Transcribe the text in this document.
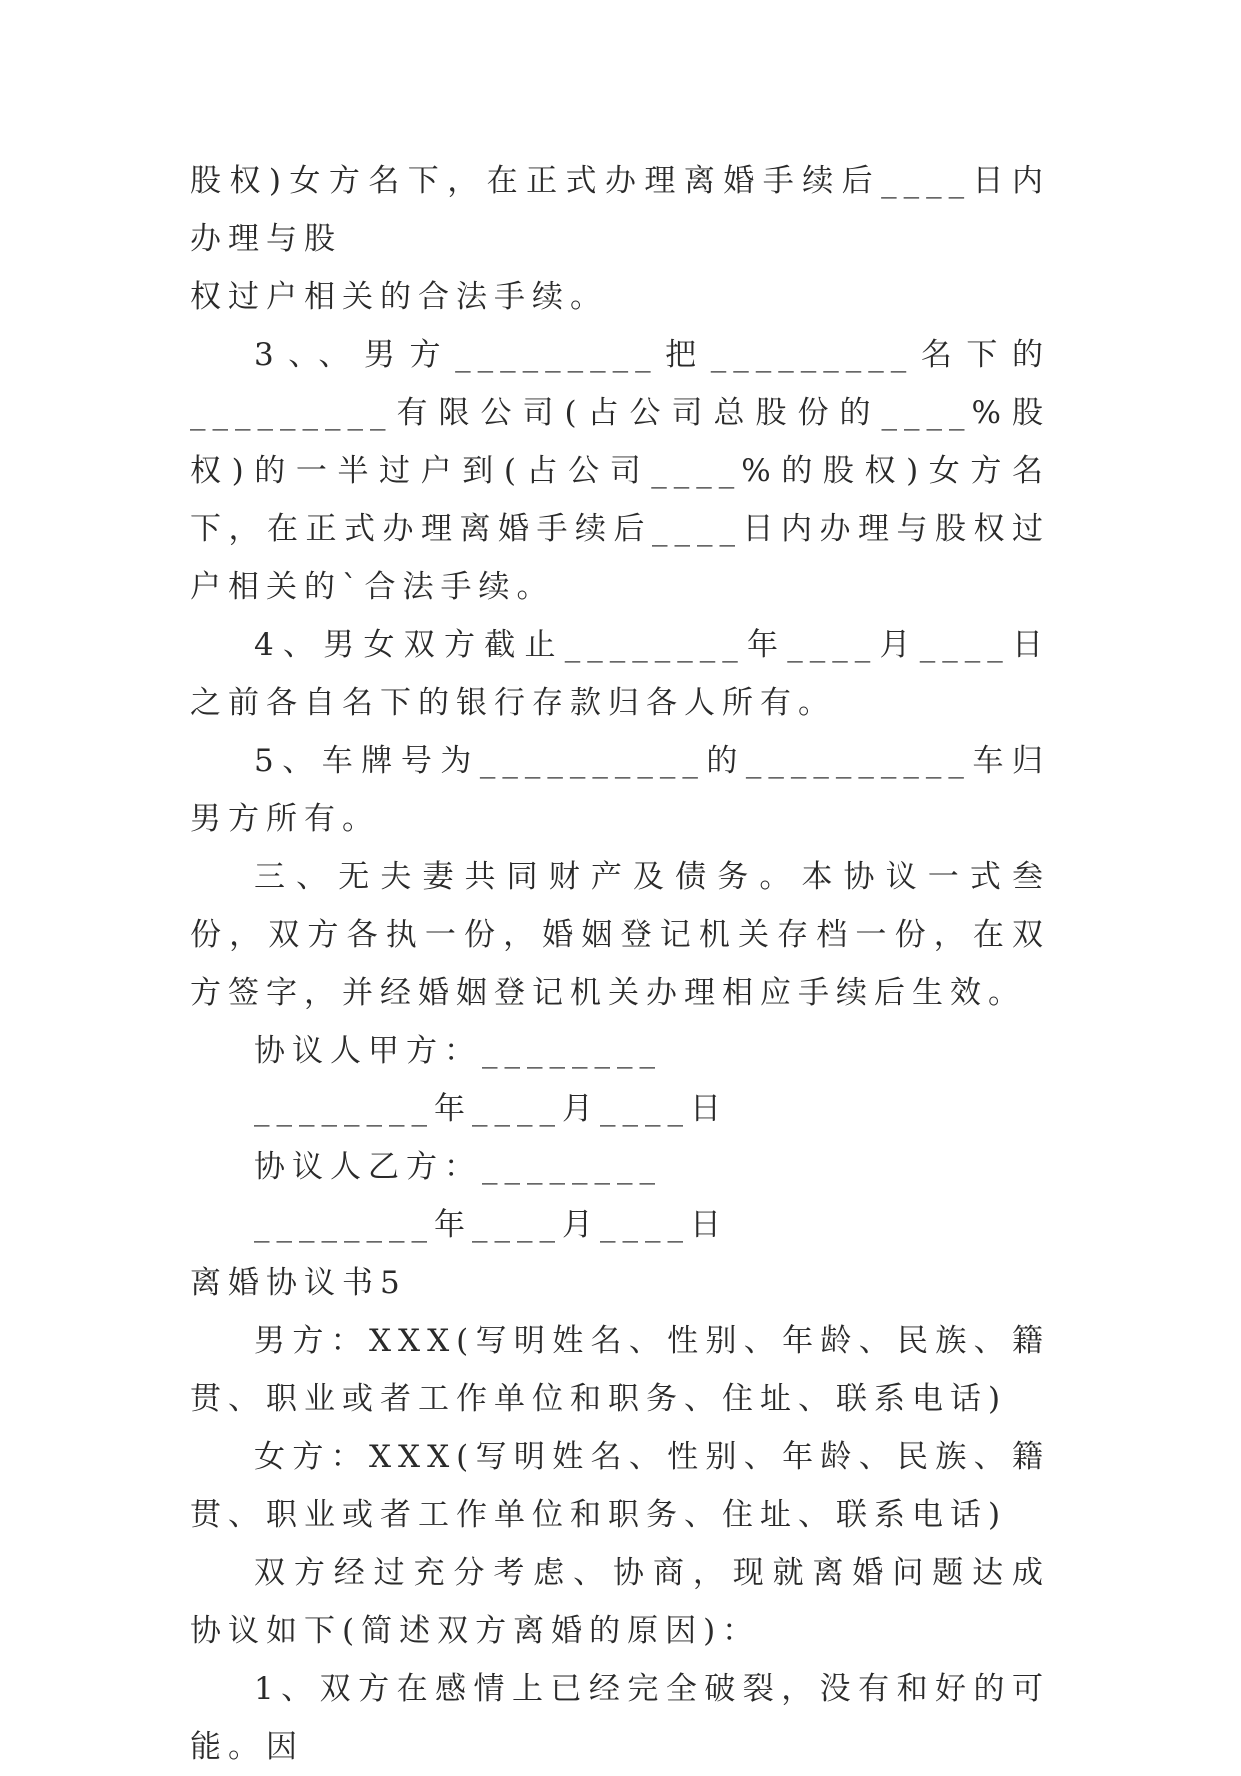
股权)女方名下，在正式办理离婚手续后____日内办理与股
权过户相关的合法手续。

3、、男方_________把_________名下的_________有限公司(占公司总股份的____%股权)的一半过户到(占公司____%的股权)女方名下，在正式办理离婚手续后____日内办理与股权过户相关的`合法手续。

4、男女双方截止________年____月____日之前各自名下的银行存款归各人所有。

5、车牌号为__________的__________车归男方所有。

三、无夫妻共同财产及债务。本协议一式叁份，双方各执一份，婚姻登记机关存档一份，在双方签字，并经婚姻登记机关办理相应手续后生效。

协议人甲方：________

________年____月____日

协议人乙方：________

________年____月____日

离婚协议书5

男方：XXX(写明姓名、性别、年龄、民族、籍贯、职业或者工作单位和职务、住址、联系电话)

女方：XXX(写明姓名、性别、年龄、民族、籍贯、职业或者工作单位和职务、住址、联系电话)

双方经过充分考虑、协商，现就离婚问题达成协议如下(简述双方离婚的原因)：

1、双方在感情上已经完全破裂，没有和好的可能。因
